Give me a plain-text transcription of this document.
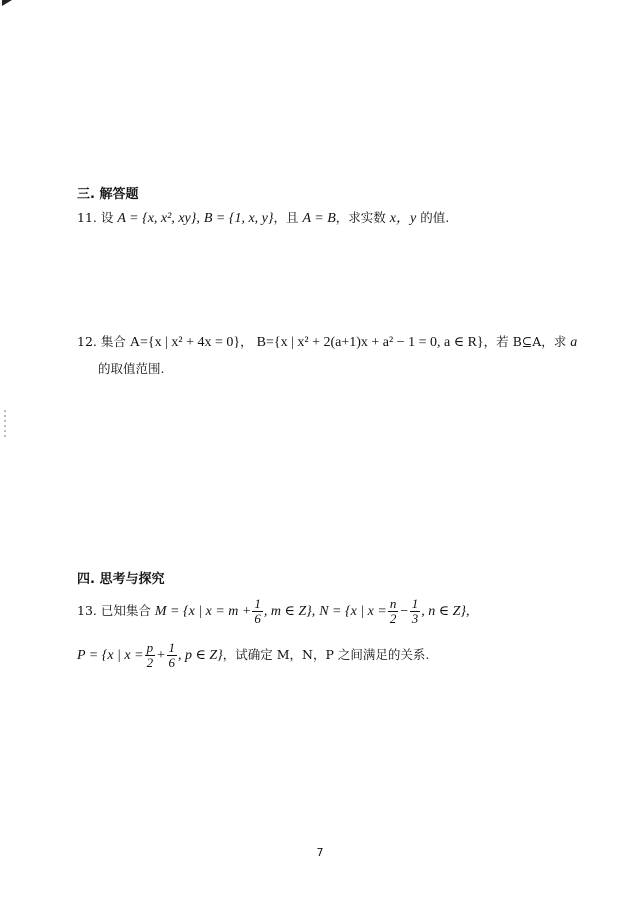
三. 解答题
11. 设 A = {x, x², xy}, B = {1, x, y}，且 A = B，求实数 x，y 的值.
12. 集合 A={x | x² + 4x = 0}， B={x | x² + 2(a+1)x + a² − 1 = 0, a ∈ R}，若 B⊆A，求 a
的取值范围.
四. 思考与探究
13. 已知集合 M = {x | $x = m + \frac{1}{6}$ , m ∈ Z}, N = {x | $x = \frac{n}{2} - \frac{1}{3}$ , n ∈ Z},
P = {x | $x = \frac{p}{2} + \frac{1}{6}$ , p ∈ Z}，试确定 M，N，P 之间满足的关系.
7
